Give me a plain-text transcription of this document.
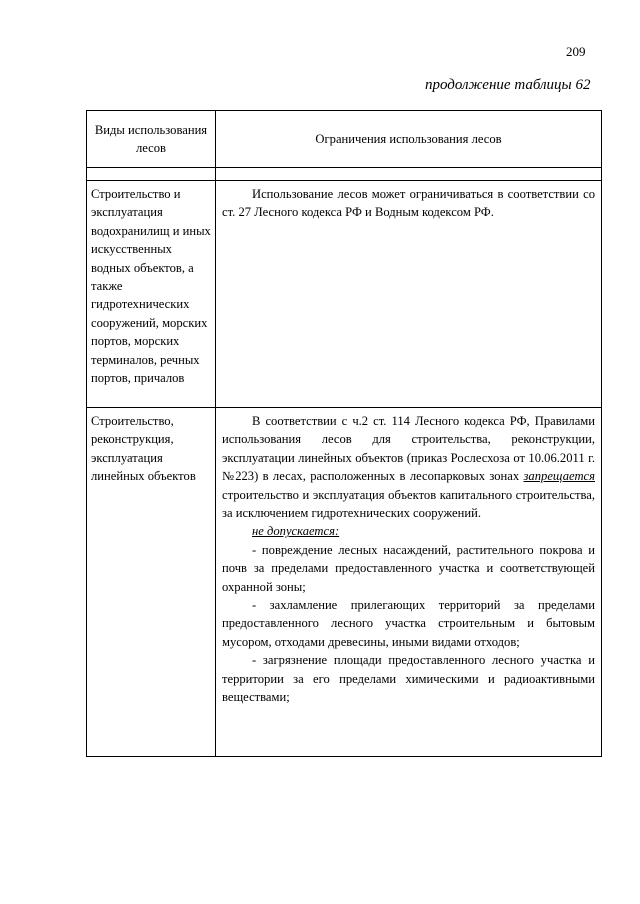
209
продолжение таблицы 62
Виды использования лесов	Ограничения использования лесов

Строительство и эксплуатация водохранилищ и иных искусственных водных объектов, а также гидротехнических сооружений, морских портов, морских терминалов, речных портов, причалов	Использование лесов может ограничиваться в соответствии со ст. 27 Лесного кодекса РФ и Водным кодексом РФ.

Строительство, реконструкция, эксплуатация линейных объектов	В соответствии с ч.2 ст. 114 Лесного кодекса РФ, Правилами использования лесов для строительства, реконструкции, эксплуатации линейных объектов (приказ Рослесхоза от 10.06.2011 г. №223) в лесах, расположенных в лесопарковых зонах запрещается строительство и эксплуатация объектов капитального строительства, за исключением гидротехнических сооружений.

не допускается:

- повреждение лесных насаждений, растительного покрова и почв за пределами предоставленного участка и соответствующей охранной зоны;

- захламление прилегающих территорий за пределами предоставленного лесного участка строительным и бытовым мусором, отходами древесины, иными видами отходов;

- загрязнение площади предоставленного лесного участка и территории за его пределами химическими и радиоактивными веществами;
